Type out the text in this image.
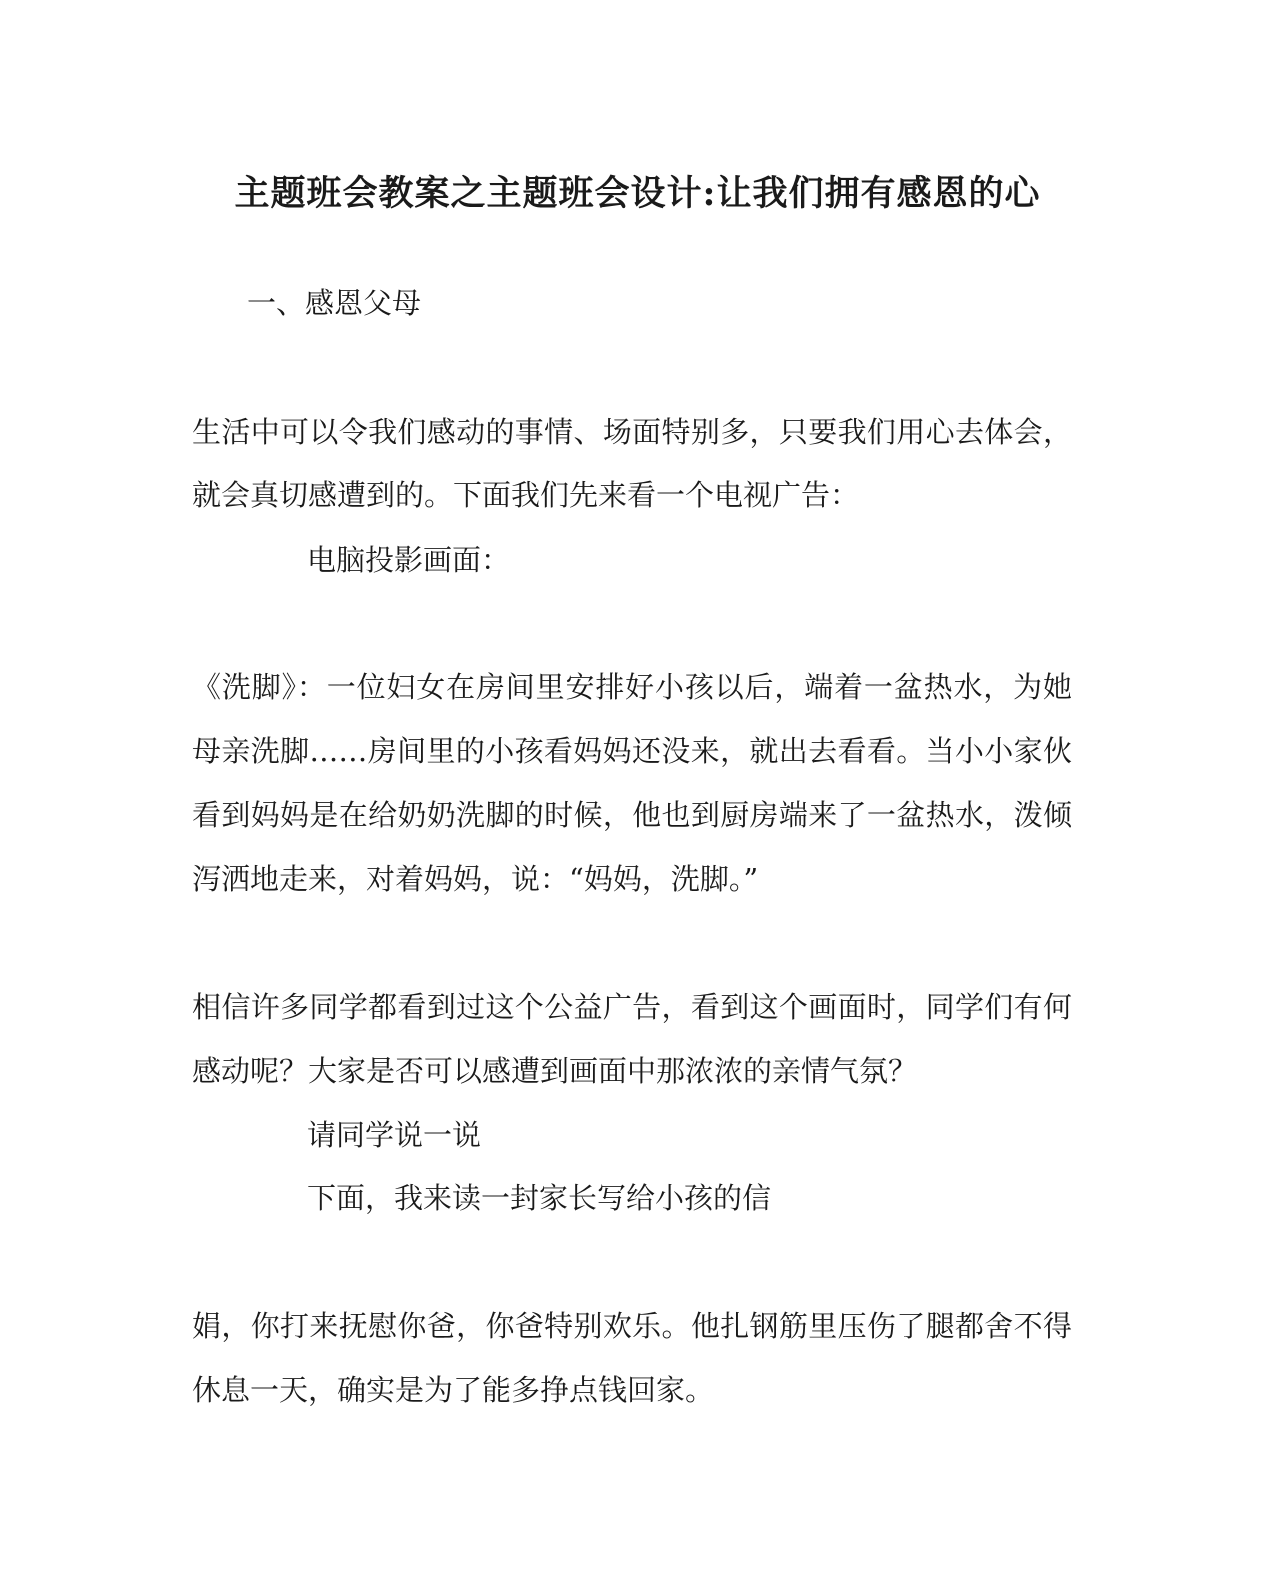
主题班会教案之主题班会设计:让我们拥有感恩的心
一、感恩父母
生活中可以令我们感动的事情、场面特别多，只要我们用心去体会，
就会真切感遭到的。下面我们先来看一个电视广告：
电脑投影画面：
《洗脚》：一位妇女在房间里安排好小孩以后，端着一盆热水，为她
母亲洗脚……房间里的小孩看妈妈还没来，就出去看看。当小小家伙
看到妈妈是在给奶奶洗脚的时候，他也到厨房端来了一盆热水，泼倾
泻洒地走来，对着妈妈，说：“妈妈，洗脚。”
相信许多同学都看到过这个公益广告，看到这个画面时，同学们有何
感动呢？大家是否可以感遭到画面中那浓浓的亲情气氛？
请同学说一说
下面，我来读一封家长写给小孩的信
娟，你打来抚慰你爸，你爸特别欢乐。他扎钢筋里压伤了腿都舍不得
休息一天，确实是为了能多挣点钱回家。
